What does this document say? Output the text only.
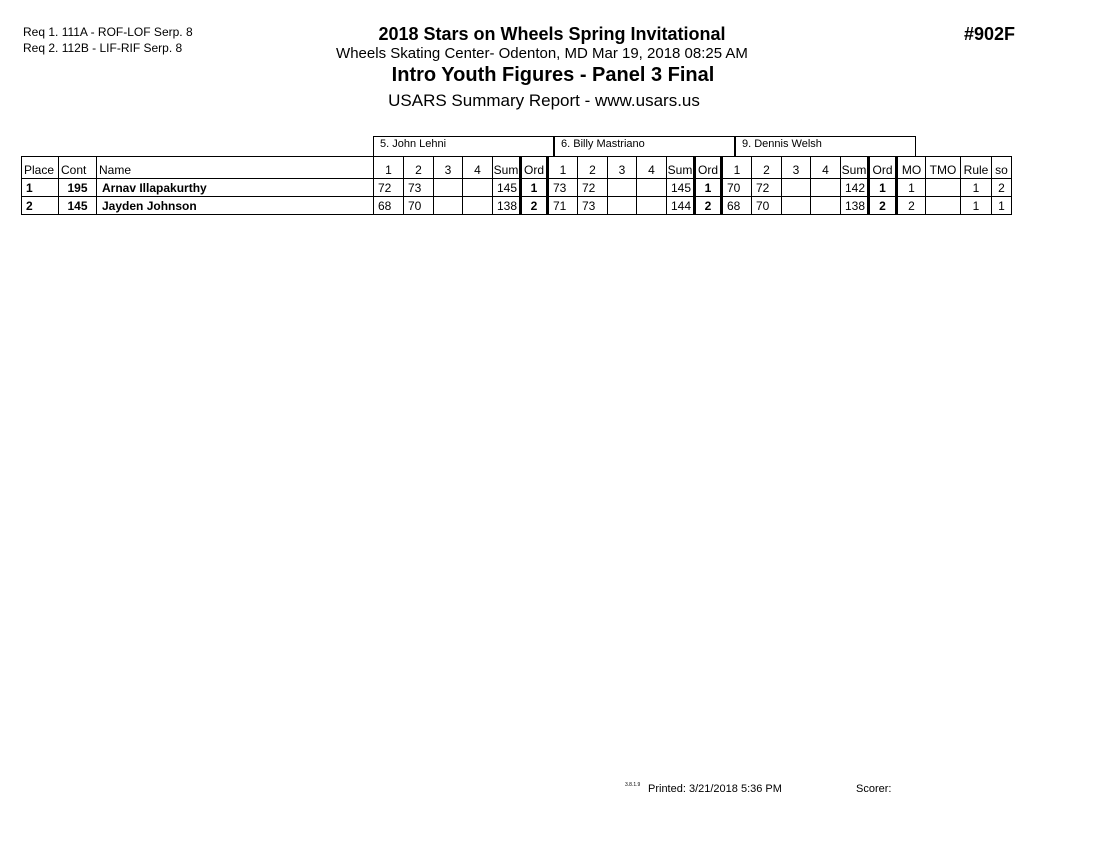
Req 1. 111A - ROF-LOF Serp. 8
Req 2. 112B - LIF-RIF Serp. 8
2018 Stars on Wheels Spring Invitational
Wheels Skating Center- Odenton, MD Mar 19, 2018 08:25 AM
Intro Youth Figures - Panel 3 Final
USARS Summary Report - www.usars.us
#902F
5. John Lehni	6. Billy Mastriano	9. Dennis Welsh
Place	Cont	Name	1	2	3	4	Sum	Ord	1	2	3	4	Sum	Ord	1	2	3	4	Sum	Ord	MO	TMO	Rule	so
1	195	Arnav Illapakurthy	72	73			145	1	73	72			145	1	70	72			142	1	1		1	2
2	145	Jayden Johnson	68	70			138	2	71	73			144	2	68	70			138	2	2		1	1
3.8.1.9 Printed: 3/21/2018 5:36 PM	Scorer:
